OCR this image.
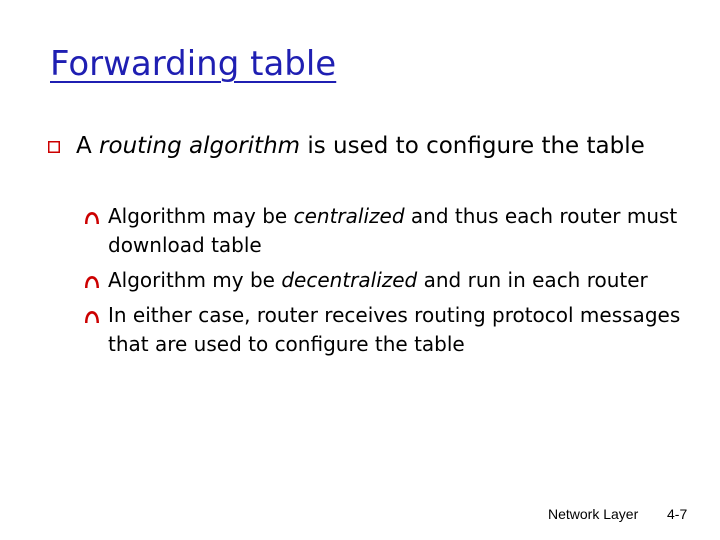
Forwarding table
A routing algorithm is used to configure the table
Algorithm may be centralized and thus each router must download table
Algorithm my be decentralized and run in each router
In either case, router receives routing protocol messages that are used to configure the table
Network Layer 4-7
